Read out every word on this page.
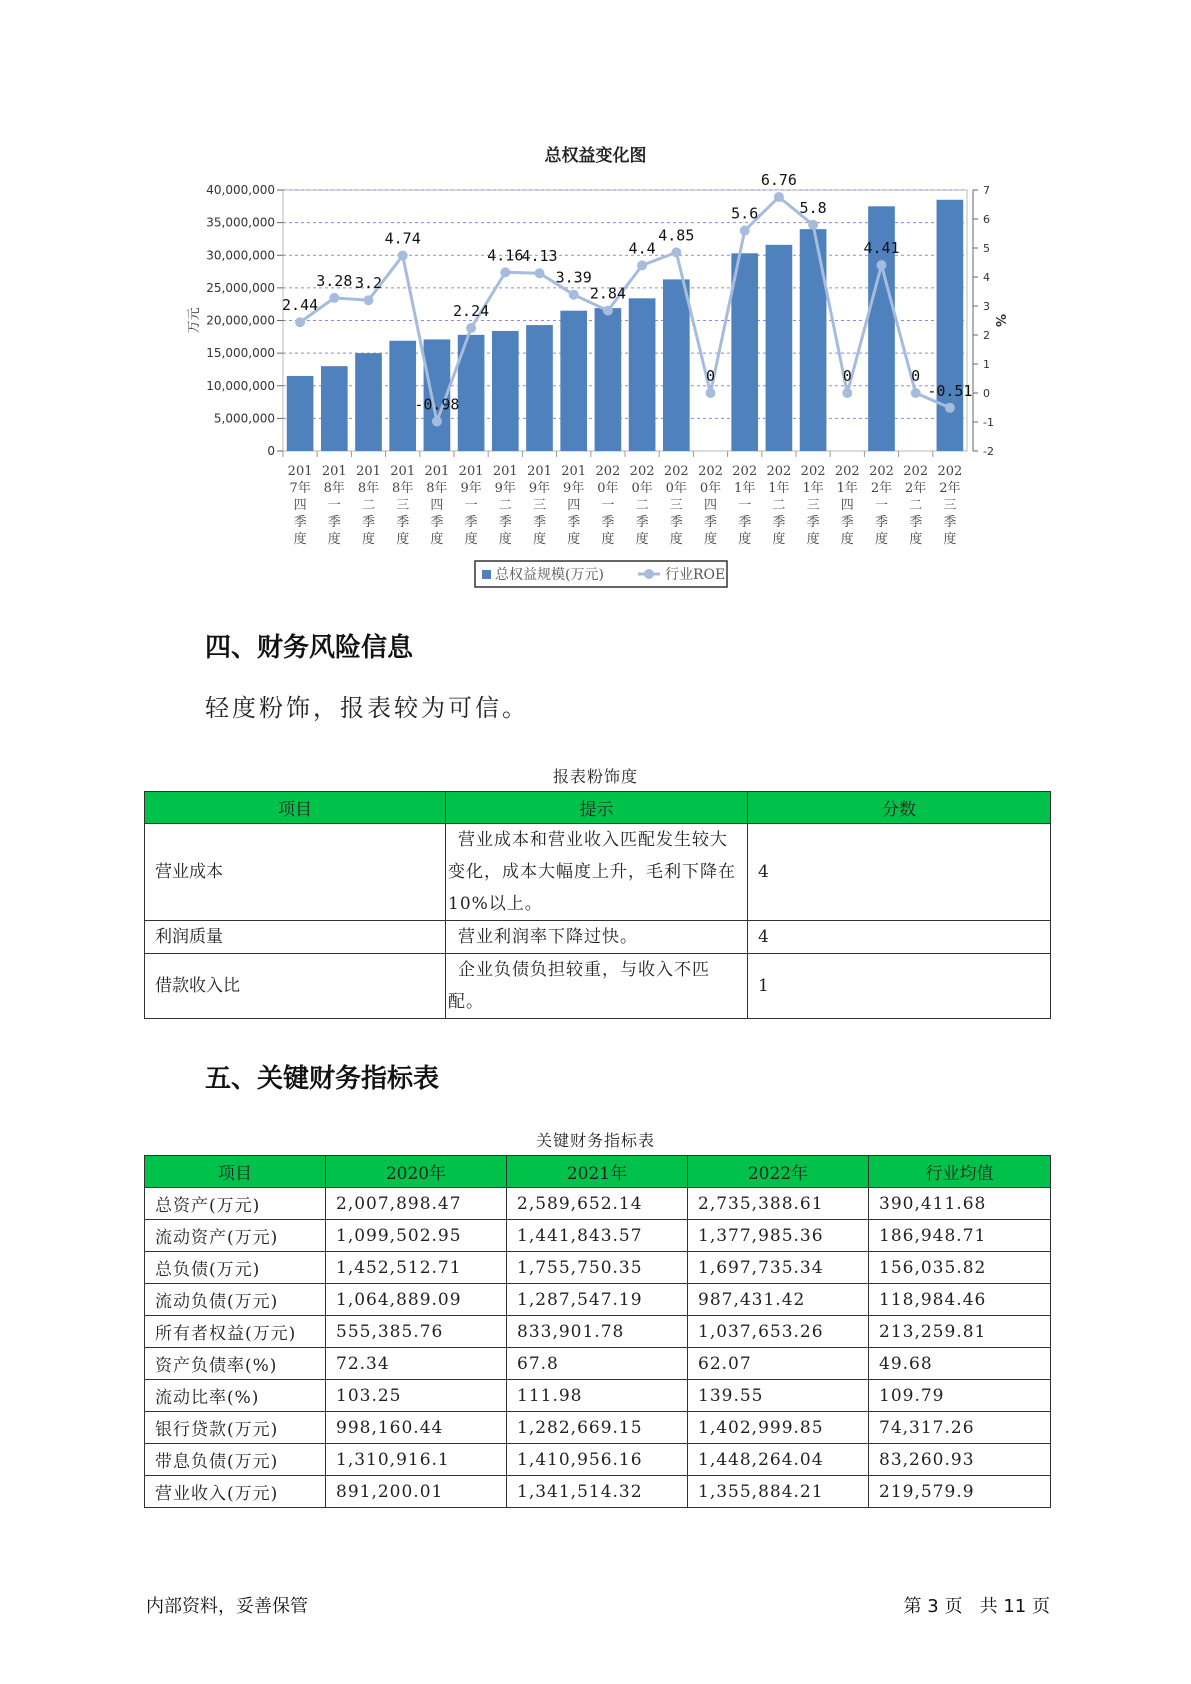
总权益变化图
0
5,000,000
10,000,000
15,000,000
20,000,000
25,000,000
30,000,000
35,000,000
40,000,000
-2
-1
0
1
2
3
4
5
6
7
万元	%
201
7年
四
季
度
201
8年
一
季
度
201
8年
二
季
度
201
8年
三
季
度
201
8年
四
季
度
201
9年
一
季
度
201
9年
二
季
度
201
9年
三
季
度
201
9年
四
季
度
202
0年
一
季
度
202
0年
二
季
度
202
0年
三
季
度
202
0年
四
季
度
202
1年
一
季
度
202
1年
二
季
度
202
1年
三
季
度
202
1年
四
季
度
202
2年
一
季
度
202
2年
二
季
度
202
2年
三
季
度
2.44
3.28 3.2
4.74
-0.98
2.24
4.16
4.13
3.39
2.84
4.4
4.85
0
5.6
6.76
5.8
0
4.41
0
-0.51
总权益规模(万元)	行业ROE
四、财务风险信息
轻度粉饰，报表较为可信。
报表粉饰度
项目	提示	分数
营业成本	营业成本和营业收入匹配发生较大变化，成本大幅度上升，毛利下降在10%以上。	4
利润质量	营业利润率下降过快。	4
借款收入比	企业负债负担较重，与收入不匹配。	1
五、关键财务指标表
关键财务指标表
项目	2020年	2021年	2022年	行业均值
总资产(万元)	2,007,898.47	2,589,652.14	2,735,388.61	390,411.68
流动资产(万元)	1,099,502.95	1,441,843.57	1,377,985.36	186,948.71
总负债(万元)	1,452,512.71	1,755,750.35	1,697,735.34	156,035.82
流动负债(万元)	1,064,889.09	1,287,547.19	987,431.42	118,984.46
所有者权益(万元)	555,385.76	833,901.78	1,037,653.26	213,259.81
资产负债率(%)	72.34	67.8	62.07	49.68
流动比率(%)	103.25	111.98	139.55	109.79
银行贷款(万元)	998,160.44	1,282,669.15	1,402,999.85	74,317.26
带息负债(万元)	1,310,916.1	1,410,956.16	1,448,264.04	83,260.93
营业收入(万元)	891,200.01	1,341,514.32	1,355,884.21	219,579.9
内部资料，妥善保管	第 3 页   共 11 页
